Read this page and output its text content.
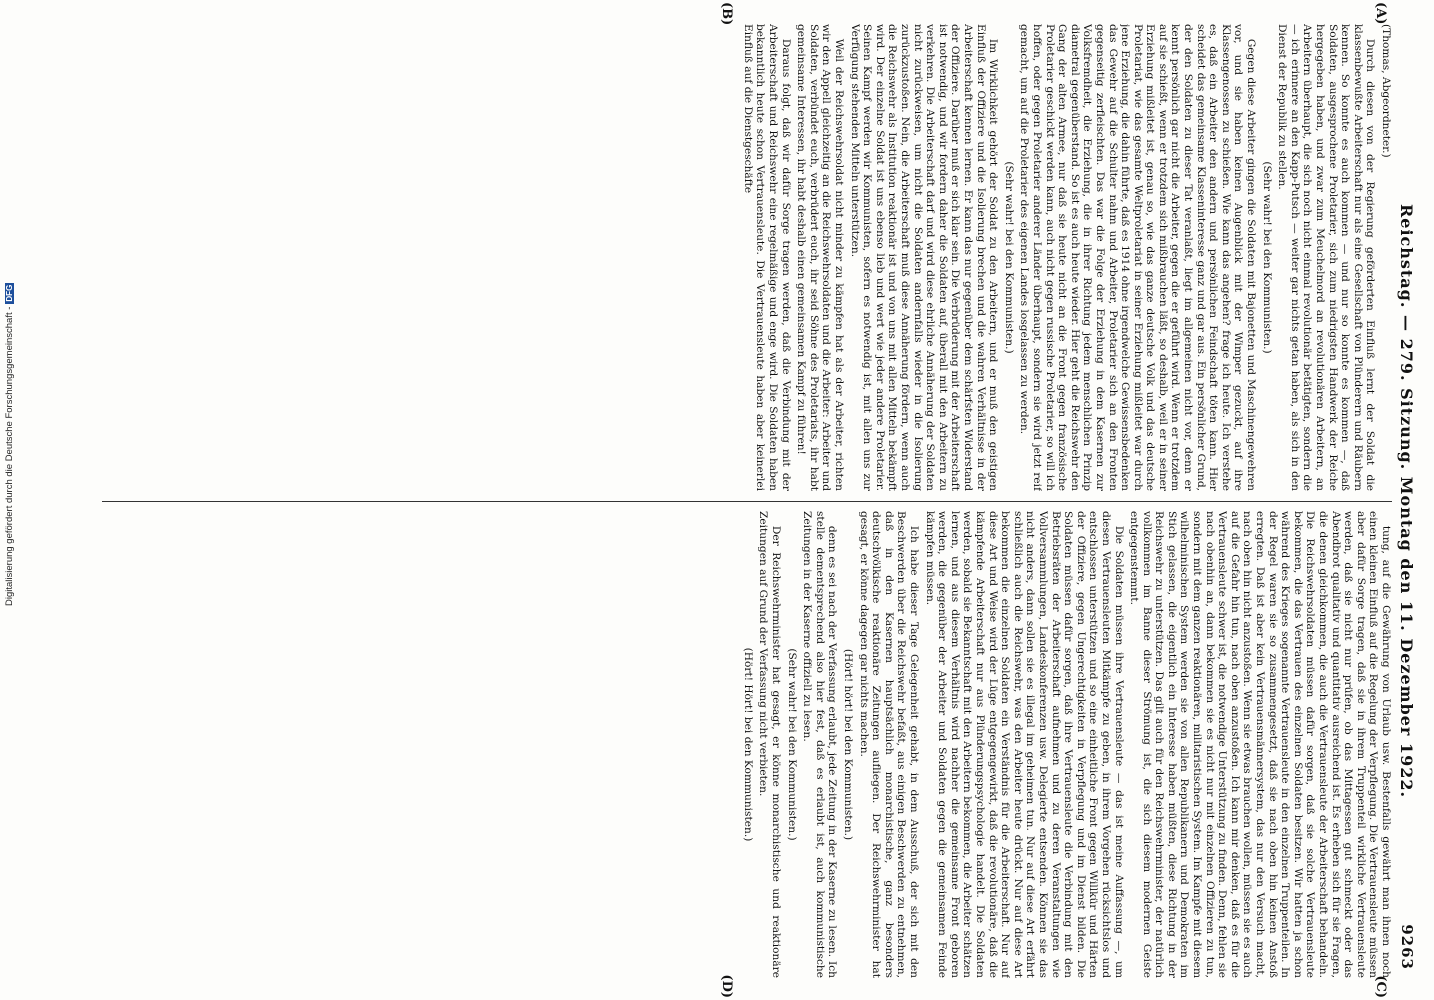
Reichstag. — 279. Sitzung. Montag den 11. Dezember 1922.
9263

(Thomas, Abgeordneter.)

Durch diesen von der Regierung geförderten Einfluß lernt der Soldat die klassenbewußte Arbeiterschaft nur als eine Gesellschaft von Plünderern und Räubern kennen. So konnte es auch kommen — und nur so konnte es kommen —, daß Soldaten, ausgesprochene Proletarier, sich zum niedrigsten Handwerk der Reiche hergegeben haben, und zwar zum Meuchelmord an revolutionären Arbeitern, an Arbeitern überhaupt, die sich noch nicht einmal revolutionär betätigten, sondern die — ich erinnere an den Kapp-Putsch — weiter gar nichts getan haben, als sich in den Dienst der Republik zu stellen.

(Sehr wahr! bei den Kommunisten.)

Gegen diese Arbeiter gingen die Soldaten mit Bajonetten und Maschinengewehren vor, und sie haben keinen Augenblick mit der Wimper gezuckt, auf ihre Klassengenossen zu schießen. Wie kann das angehen? frage ich heute. Ich verstehe es, daß ein Arbeiter den andern und persönlichen Feindschaft töten kann. Hier scheidet das gemeinsame Klasseninteresse ganz und gar aus. Ein persönlicher Grund, der den Soldaten zu dieser Tat veranlaßt, liegt im allgemeinen nicht vor, denn er kennt persönlich gar nicht die Arbeiter, gegen die er geführt wird. Wenn er trotzdem auf sie schießt, wenn er trotzdem sich mißbrauchen läßt, so deshalb, weil er in seiner Erziehung mißleitet ist, genau so, wie das ganze deutsche Volk und das deutsche Proletariat, wie das gesamte Weltproletariat in seiner Erziehung mißleitet war durch jene Erziehung, die dahin führte, daß es 1914 ohne irgendwelche Gewissensbedenken das Gewehr auf die Schulter nahm und Arbeiter, Proletarier sich an den Fronten gegenseitig zerfleischten. Das war die Folge der Erziehung in dem Kasernen zur Volksfremdheit, die Erziehung, die in ihrer Richtung jedem menschlichen Prinzip diametral gegenüberstand. So ist es auch heute wieder. Hier geht die Reichswehr den Gang der alten Armee, nur daß sie heute nicht an die Front gegen französische Proletarier geschickt werden kann, auch nicht gegen russische Proletarier, so will ich hoffen, oder gegen Proletarier anderer Länder überhaupt, sondern sie wird jetzt reif gemacht, um auf die Proletarier des eigenen Landes losgelassen zu werden.

(Sehr wahr! bei den Kommunisten.)

Im Wirklichkeit gehört der Soldat zu den Arbeitern, und er muß den geistigen Einfluß der Offiziere und die Isolierung brechen und die wahren Verhältnisse in der Arbeiterschaft kennen lernen. Er kann das nur gegenüber dem schärfsten Widerstand der Offiziere. Darüber muß er sich klar sein. Die Verbrüderung mit der Arbeiterschaft ist notwendig, und wir fordern daher die Soldaten auf, überall mit den Arbeitern zu verkehren. Die Arbeiterschaft darf und wird diese ehrliche Annäherung der Soldaten nicht zurückweisen, um nicht die Soldaten andernfalls wieder in die Isolierung zurückzustoßen. Nein, die Arbeiterschaft muß diese Annäherung fördern, wenn auch die Reichswehr als Institution reaktionär ist und von uns mit allen Mitteln bekämpft wird. Der einzelne Soldat ist uns ebenso lieb und wert wie jeder andere Proletarier. Seinen Kampf werden wir Kommunisten, sofern es notwendig ist, mit allen uns zur Verfügung stehenden Mitteln unterstützen.

Weil der Reichswehrsoldat nicht minder zu kämpfen hat als der Arbeiter, richten wir den Appell gleichzeitig an die Reichswehrsoldaten und die Arbeiter: Arbeiter und Soldaten, verbündet euch, verbrüdert euch, ihr seid Söhne des Proletariats, ihr habt gemeinsame Interessen, ihr habt deshalb einen gemeinsamen Kampf zu führen!

Daraus folgt, daß wir dafür Sorge tragen werden, daß die Verbindung mit der Arbeiterschaft und Reichswehr eine regelmäßige und enge wird. Die Soldaten haben bekanntlich heute schon Vertrauensleute. Die Vertrauensleute haben aber keinerlei Einfluß auf die Dienstgeschäfte

tung, auf die Gewährung von Urlaub usw. Bestenfalls gewährt man ihnen noch einen kleinen Einfluß auf die Regelung der Verpflegung. Die Vertrauensleute müssen aber dafür Sorge tragen, daß sie in ihrem Truppenteil wirkliche Vertrauensleute werden, daß sie nicht nur prüfen, ob das Mittagessen gut schmeckt oder das Abendbrot qualitativ und quantitativ ausreichend ist. Es erheben sich für sie Fragen, die denen gleichkommen, die auch die Vertrauensleute der Arbeiterschaft behandeln. Die Reichswehrsoldaten müssen dafür sorgen, daß sie solche Vertrauensleute bekommen, die das Vertrauen des einzelnen Soldaten besitzen. Wir hatten ja schon während des Krieges sogenannte Vertrauensleute in den einzelnen Truppenteilen. In der Regel waren sie so zusammengesetzt, daß sie nach oben hin keinen Anstoß erregten. Daß ist aber kein Vertrauensmännersystem, das nur den Versuch macht, nach oben hin nicht anzustoßen. Wenn sie etwas brauchen wollen, müssen sie es auch auf die Gefahr hin tun, nach oben anzustoßen. Ich kann mir denken, daß es für die Vertrauensleute schwer ist, die notwendige Unterstützung zu finden. Denn, fehlen sie nach obenhin an, dann bekommen sie es nicht nur mit einzelnen Offizieren zu tun, sondern mit dem ganzen reaktionären, militaristischen System. Im Kampfe mit diesem wilhelminischen System werden sie von allen Republikanern und Demokraten im Stich gelassen, die eigentlich ein Interesse haben müßten, diese Richtung in der Reichswehr zu unterstützen. Das gilt auch für den Reichswehrminister, der natürlich vollkommen im Banne dieser Strömung ist, die sich diesem modernen Geiste entgegenstemmt.

Die Soldaten müssen ihre Vertrauensleute — das ist meine Auffassung —, um diesen Vertrauensleuten Mitkämpfe zu geben, in ihrem Vorgehen rücksichtslos und entschlossen unterstützen und so eine einheitliche Front gegen Willkür und Härten der Offiziere, gegen Ungerechtigkeiten in Verpflegung und im Dienst bilden. Die Soldaten müssen dafür sorgen, daß ihre Vertrauensleute die Verbindung mit den Betriebsräten der Arbeiterschaft aufnehmen und zu deren Veranstaltungen wie Vollversammlungen, Landeskonferenzen usw. Delegierte entsenden. Können sie das nicht anders, dann sollen sie es illegal im geheimen tun. Nur auf diese Art erfährt schließlich auch die Reichswehr, was den Arbeiter heute drückt. Nur auf diese Art bekommen die einzelnen Soldaten ein Verständnis für die Arbeiterschaft. Nur auf diese Art und Weise wird der Lüge entgegengewirkt, daß die revolutionäre, daß die kämpfende Arbeiterschaft nur aus Plünderungspsychologie handelt. Die Soldaten werden, sobald sie Bekanntschaft mit den Arbeitern bekommen, die Arbeiter schätzen lernen, und aus diesem Verhältnis wird nachher die gemeinsame Front geboren werden, die gegenüber der Arbeiter und Soldaten gegen die gemeinsamen Feinde kämpfen müssen.

Ich habe dieser Tage Gelegenheit gehabt, in dem Ausschuß, der sich mit den Beschwerden über die Reichswehr befaßt, aus einigen Beschwerden zu entnehmen, daß in den Kasernen hauptsächlich monarchistische, ganz besonders deutschvölkische reaktionäre Zeitungen aufliegen. Der Reichswehrminister hat gesagt, er könne dagegen gar nichts machen.

(Hört! hört! bei den Kommunisten.)

denn es sei nach der Verfassung erlaubt, jede Zeitung in der Kaserne zu lesen. Ich stelle dementsprechend also hier fest, daß es erlaubt ist, auch kommunistische Zeitungen in der Kaserne offiziell zu lesen.

(Sehr wahr! bei den Kommunisten.)

Der Reichswehrminister hat gesagt, er könne monarchistische und reaktionäre Zeitungen auf Grund der Verfassung nicht verbieten.

(Hört! Hört! bei den Kommunisten.)

(A)
(B)
(C)
(D)
Digitalisierung gefördert durch die Deutsche Forschungsgemeinschaft -DFG
